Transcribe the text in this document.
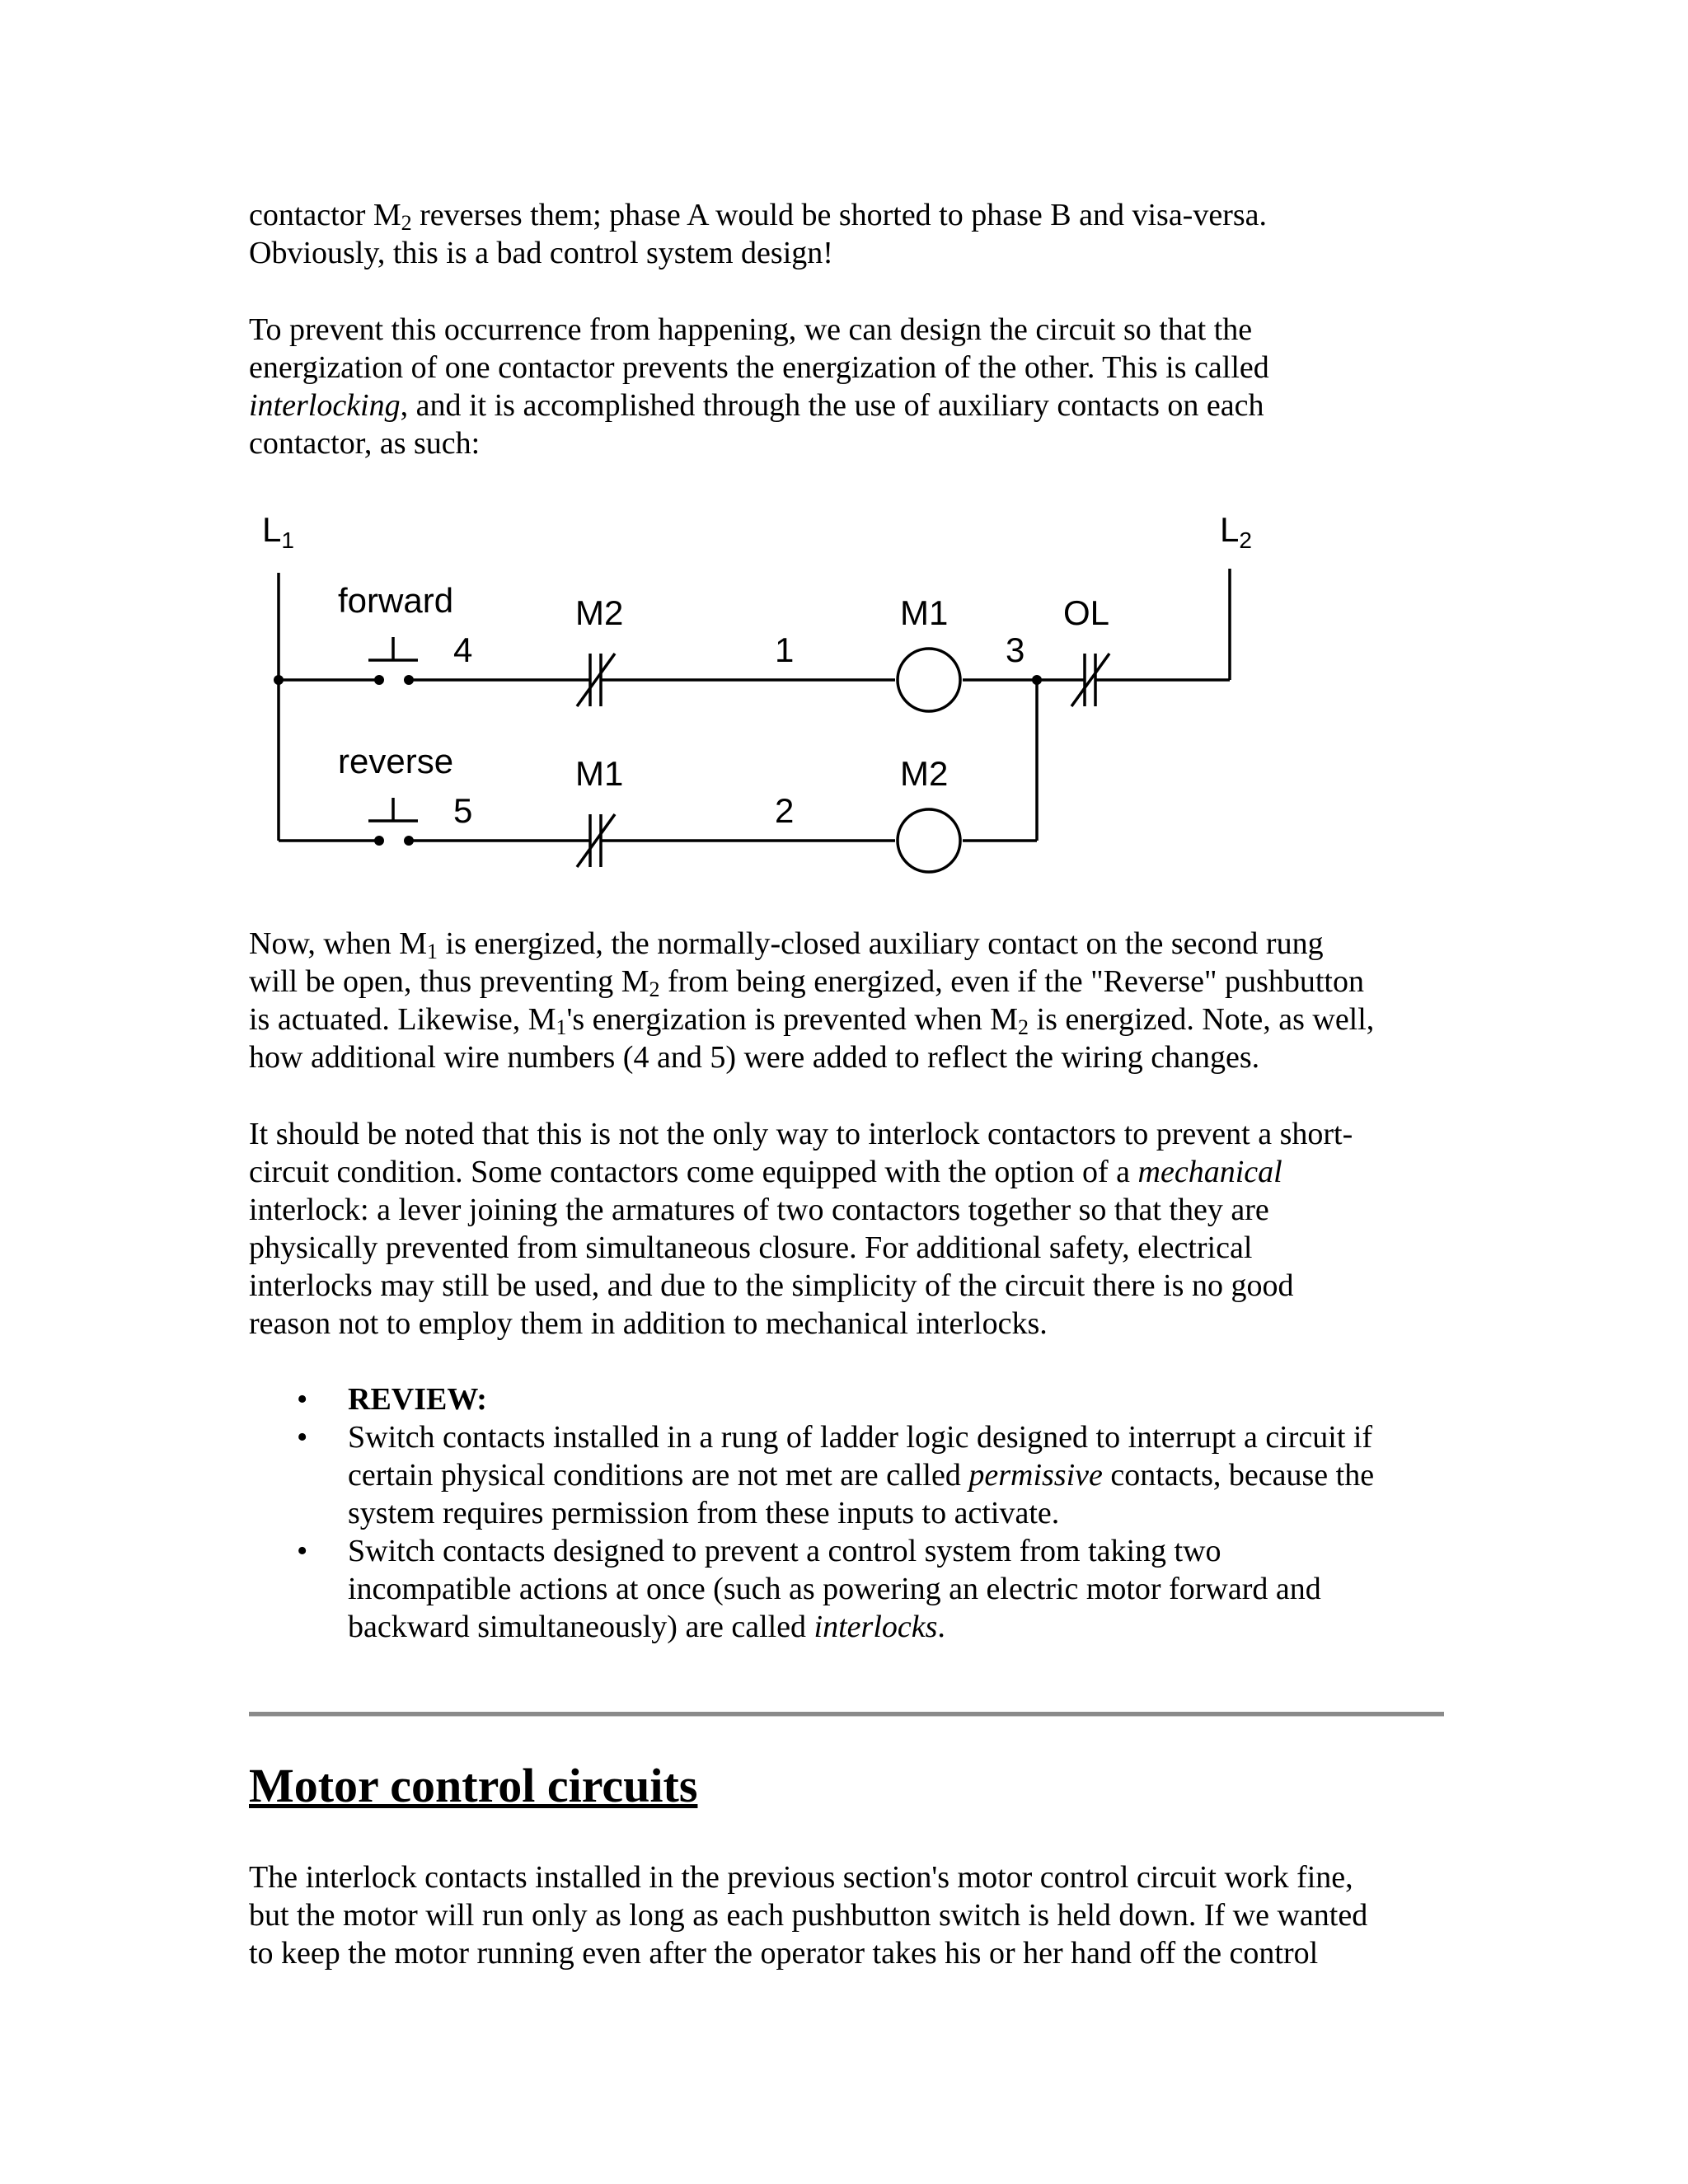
contactor $M_2$ reverses them; phase A would be shorted to phase B and visa-versa.

Obviously, this is a bad control system design!

To prevent this occurrence from happening, we can design the circuit so that the

energization of one contactor prevents the energization of the other. This is called

interlocking, and it is accomplished through the use of auxiliary contacts on each

contactor, as such:

L1	L2
forward
reverse
4
5
1
2
3
M2
M1
M1
M2
OL

Now, when $M_1$ is energized, the normally-closed auxiliary contact on the second rung

will be open, thus preventing $M_2$ from being energized, even if the "Reverse" pushbutton

is actuated. Likewise, $M_1's$ energization is prevented when $M_2$ is energized. Note, as well,

how additional wire numbers (4 and 5) were added to reflect the wiring changes.

It should be noted that this is not the only way to interlock contactors to prevent a short-

circuit condition. Some contactors come equipped with the option of a mechanical

interlock: a lever joining the armatures of two contactors together so that they are

physically prevented from simultaneous closure. For additional safety, electrical

interlocks may still be used, and due to the simplicity of the circuit there is no good

reason not to employ them in addition to mechanical interlocks.

• REVIEW:
• Switch contacts installed in a rung of ladder logic designed to interrupt a circuit if
certain physical conditions are not met are called permissive contacts, because the
system requires permission from these inputs to activate.
• Switch contacts designed to prevent a control system from taking two
incompatible actions at once (such as powering an electric motor forward and
backward simultaneously) are called interlocks.
Motor control circuits

The interlock contacts installed in the previous section's motor control circuit work fine,

but the motor will run only as long as each pushbutton switch is held down. If we wanted

to keep the motor running even after the operator takes his or her hand off the control
